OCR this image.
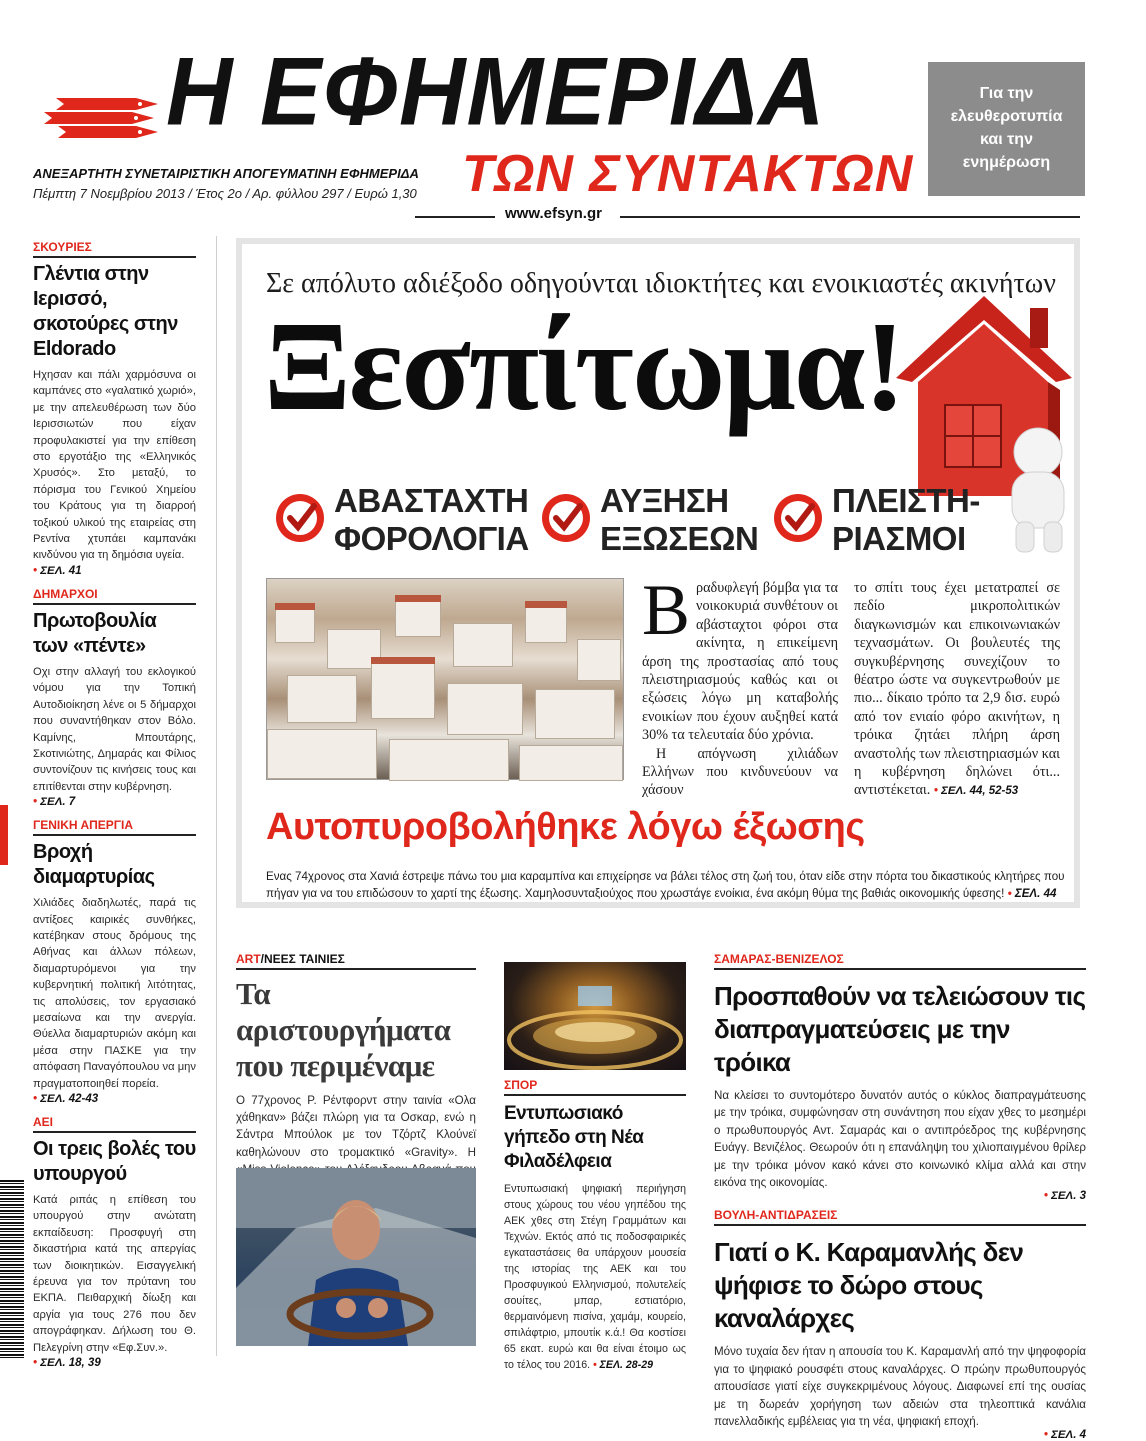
Η ΕΦΗΜΕΡΙΔΑ
ΤΩΝ ΣΥΝΤΑΚΤΩΝ
ΑΝΕΞΑΡΤΗΤΗ ΣΥΝΕΤΑΙΡΙΣΤΙΚΗ ΑΠΟΓΕΥΜΑΤΙΝΗ ΕΦΗΜΕΡΙΔΑ
Πέμπτη 7 Νοεμβρίου 2013 / Έτος 2ο / Αρ. φύλλου 297 / Ευρώ 1,30
www.efsyn.gr
Για την
ελευθεροτυπία
και την
ενημέρωση
ΣΚΟΥΡΙΕΣ
Γλέντια στην Ιερισσό, σκοτούρες στην Eldorado

Ηχησαν και πάλι χαρμόσυνα οι καμπάνες στο «γαλατικό χωριό», με την απελευθέρωση των δύο Ιερισσιωτών που είχαν προφυλακιστεί για την επίθεση στο εργοτάξιο της «Ελληνικός Χρυσός». Στο μεταξύ, το πόρισμα του Γενικού Χημείου του Κράτους για τη διαρροή τοξικού υλικού της εταιρείας στη Ρεντίνα χτυπάει καμπανάκι κινδύνου για τη δημόσια υγεία.

• ΣΕΛ. 41
ΔΗΜΑΡΧΟΙ
Πρωτοβουλία των «πέντε»

Οχι στην αλλαγή του εκλογικού νόμου για την Τοπική Αυτοδιοίκηση λένε οι 5 δήμαρχοι που συναντήθηκαν στον Βόλο. Καμίνης, Μπουτάρης, Σκοτινιώτης, Δημαράς και Φίλιος συντονίζουν τις κινήσεις τους και επιτίθενται στην κυβέρνηση.

• ΣΕΛ. 7
ΓΕΝΙΚΗ ΑΠΕΡΓΙΑ
Βροχή διαμαρτυρίας

Χιλιάδες διαδηλωτές, παρά τις αντίξοες καιρικές συνθήκες, κατέβηκαν στους δρόμους της Αθήνας και άλλων πόλεων, διαμαρτυρόμενοι για την κυβερνητική πολιτική λιτότητας, τις απολύσεις, τον εργασιακό μεσαίωνα και την ανεργία. Θύελλα διαμαρτυριών ακόμη και μέσα στην ΠΑΣΚΕ για την απόφαση Παναγόπουλου να μην πραγματοποιηθεί πορεία.

• ΣΕΛ. 42-43
ΑΕΙ
Οι τρεις βολές του υπουργού

Κατά ριπάς η επίθεση του υπουργού στην ανώτατη εκπαίδευση: Προσφυγή στη δικαστήρια κατά της απεργίας των διοικητικών. Εισαγγελική έρευνα για τον πρύτανη του ΕΚΠΑ. Πειθαρχική δίωξη και αργία για τους 276 που δεν απογράφηκαν. Δήλωση του Θ. Πελεγρίνη στην «Εφ.Συν.».

• ΣΕΛ. 18, 39
Σε απόλυτο αδιέξοδο οδηγούνται ιδιοκτήτες και ενοικιαστές ακινήτων
Ξεσπίτωμα!
ΑΒΑΣΤΑΧΤΗ
ΦΟΡΟΛΟΓΙΑ
ΑΥΞΗΣΗ
ΕΞΩΣΕΩΝ
ΠΛΕΙΣΤΗ-
ΡΙΑΣΜΟΙ
Β ραδυφλεγή βόμβα για τα νοικοκυριά συνθέτουν οι αβάσταχτοι φόροι στα ακίνητα, η επικείμενη άρση της προστασίας από τους πλειστηριασμούς καθώς και οι εξώσεις λόγω μη καταβολής ενοικίων που έχουν αυξηθεί κατά 30% τα τελευταία δύο χρόνια.
Η απόγνωση χιλιάδων Ελλήνων που κινδυνεύουν να χάσουν
το σπίτι τους έχει μετατραπεί σε πεδίο μικροπολιτικών διαγκωνισμών και επικοινωνιακών τεχνασμάτων. Οι βουλευτές της συγκυβέρνησης συνεχίζουν το θέατρο ώστε να συγκεντρωθούν με πιο... δίκαιο τρόπο τα 2,9 δισ. ευρώ από τον ενιαίο φόρο ακινήτων, η τρόικα ζητάει πλήρη άρση αναστολής των πλειστηριασμών και η κυβέρνηση δηλώνει ότι... αντιστέκεται. • ΣΕΛ. 44, 52-53
Αυτοπυροβολήθηκε λόγω έξωσης
Ενας 74χρονος στα Χανιά έστρεψε πάνω του μια καραμπίνα και επιχείρησε να βάλει τέλος στη ζωή του, όταν είδε στην πόρτα του δικαστικούς κλητήρες που πήγαν για να του επιδώσουν το χαρτί της έξωσης. Χαμηλοσυνταξιούχος που χρωστάγε ενοίκια, ένα ακόμη θύμα της βαθιάς οικονομικής ύφεσης! • ΣΕΛ. 44
ART/ΝΕΕΣ ΤΑΙΝΙΕΣ
Τα αριστουργήματα που περιμέναμε

Ο 77χρονος Ρ. Ρέντφορντ στην ταινία «Ολα χάθηκαν» βάζει πλώρη για τα Οσκαρ, ενώ η Σάντρα Μπούλοκ με τον Τζόρτζ Κλούνεϊ καθηλώνουν στο τρομακτικό «Gravity». Η •

ΣΠΟΡ
Εντυπωσιακό γήπεδο στη Νέα Φιλαδέλφεια

Εντυπωσιακή ψηφιακή περιήγηση στους χώρους του νέου γηπέδου της ΑΕΚ χθες στη Στέγη Γραμμάτων και Τεχνών. Εκτός από τις ποδοσφαιρικές εγκαταστάσεις θα υπάρχουν μουσεία της ιστορίας της ΑΕΚ και του Προσφυγικού Ελληνισμού, πολυτελείς σουίτες, μπαρ, εστιατόριο, θερμαινόμενη πισίνα, χαμάμ, κουρείο, σπιλάφτριο, μπουτίκ κ.ά.! Θα κοστίσει 65 εκατ. ευρώ και θα είναι έτοιμο ως το τέλος του 2016. • ΣΕΛ. 28-29

ΣΑΜΑΡΑΣ-ΒΕΝΙΖΕΛΟΣ
Προσπαθούν να τελειώσουν τις διαπραγματεύσεις με την τρόικα

Να κλείσει το συντομότερο δυνατόν αυτός ο κύκλος διαπραγμάτευσης με την τρόικα, συμφώνησαν στη συνάντηση που είχαν χθες το μεσημέρι ο πρωθυπουργός Αντ. Σαμαράς και ο αντιπρόεδρος της κυβέρνησης Ευάγγ. Βενιζέλος. Θεωρούν ότι η επανάληψη του χιλιοπαιγμένου θρίλερ με την τρόικα μόνον κακό κάνει στο κοινωνικό κλίμα αλλά και στην εικόνα της οικονομίας.

• ΣΕΛ. 3
ΒΟΥΛΗ-ΑΝΤΙΔΡΑΣΕΙΣ
Γιατί ο Κ. Καραμανλής δεν ψήφισε το δώρο στους καναλάρχες

Μόνο τυχαία δεν ήταν η απουσία του Κ. Καραμανλή από την ψηφοφορία για το ψηφιακό ρουσφέτι στους καναλάρχες. Ο πρώην πρωθυπουργός απουσίασε γιατί είχε συγκεκριμένους λόγους. Διαφωνεί επί της ουσίας με τη δωρεάν χορήγηση των αδειών στα τηλεοπτικά κανάλια πανελλαδικής εμβέλειας για τη νέα, ψηφιακή εποχή.

• ΣΕΛ. 4
